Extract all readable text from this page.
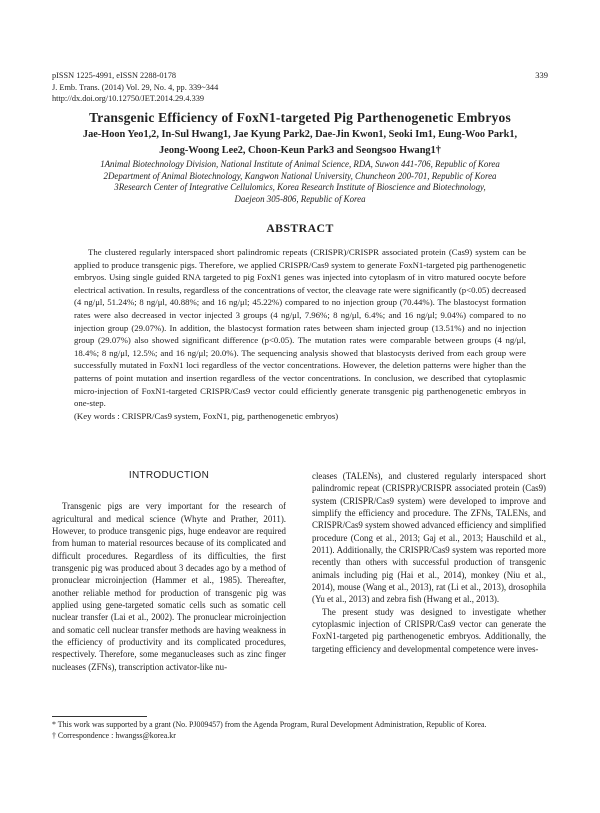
pISSN 1225-4991, eISSN 2288-0178
J. Emb. Trans. (2014) Vol. 29, No. 4, pp. 339~344
http://dx.doi.org/10.12750/JET.2014.29.4.339
339
Transgenic Efficiency of FoxN1-targeted Pig Parthenogenetic Embryos
Jae-Hoon Yeo1,2, In-Sul Hwang1, Jae Kyung Park2, Dae-Jin Kwon1, Seoki Im1, Eung-Woo Park1,
Jeong-Woong Lee2, Choon-Keun Park3 and Seongsoo Hwang1†
1Animal Biotechnology Division, National Institute of Animal Science, RDA, Suwon 441-706, Republic of Korea
2Department of Animal Biotechnology, Kangwon National University, Chuncheon 200-701, Republic of Korea
3Research Center of Integrative Cellulomics, Korea Research Institute of Bioscience and Biotechnology,
Daejeon 305-806, Republic of Korea
ABSTRACT

The clustered regularly interspaced short palindromic repeats (CRISPR)/CRISPR associated protein (Cas9) system can be applied to produce transgenic pigs. Therefore, we applied CRISPR/Cas9 system to generate FoxN1-targeted pig parthenogenetic embryos. Using single guided RNA targeted to pig FoxN1 genes was injected into cytoplasm of in vitro matured oocyte before electrical activation. In results, regardless of the concentrations of vector, the cleavage rate were significantly (p<0.05) decreased (4 ng/μl, 51.24%; 8 ng/μl, 40.88%; and 16 ng/μl; 45.22%) compared to no injection group (70.44%). The blastocyst formation rates were also decreased in vector injected 3 groups (4 ng/μl, 7.96%; 8 ng/μl, 6.4%; and 16 ng/μl; 9.04%) compared to no injection group (29.07%). In addition, the blastocyst formation rates between sham injected group (13.51%) and no injection group (29.07%) also showed significant difference (p<0.05). The mutation rates were comparable between groups (4 ng/μl, 18.4%; 8 ng/μl, 12.5%; and 16 ng/μl; 20.0%). The sequencing analysis showed that blastocysts derived from each group were successfully mutated in FoxN1 loci regardless of the vector concentrations. However, the deletion patterns were higher than the patterns of point mutation and insertion regardless of the vector concentrations. In conclusion, we described that cytoplasmic micro-injection of FoxN1-targeted CRISPR/Cas9 vector could efficiently generate transgenic pig parthenogenetic embryos in one-step.

(Key words : CRISPR/Cas9 system, FoxN1, pig, parthenogenetic embryos)

INTRODUCTION

Transgenic pigs are very important for the research of agricultural and medical science (Whyte and Prather, 2011). However, to produce transgenic pigs, huge endeavor are required from human to material resources because of its complicated and difficult procedures. Regardless of its difficulties, the first transgenic pig was produced about 3 decades ago by a method of pronuclear microinjection (Hammer et al., 1985). Thereafter, another reliable method for production of transgenic pig was applied using gene-targeted somatic cells such as somatic cell nuclear transfer (Lai et al., 2002). The pronuclear microinjection and somatic cell nuclear transfer methods are having weakness in the efficiency of productivity and its complicated procedures, respectively. Therefore, some meganucleases such as zinc finger nucleases (ZFNs), transcription activator-like nu-

cleases (TALENs), and clustered regularly interspaced short palindromic repeat (CRISPR)/CRISPR associated protein (Cas9) system (CRISPR/Cas9 system) were developed to improve and simplify the efficiency and procedure. The ZFNs, TALENs, and CRISPR/Cas9 system showed advanced efficiency and simplified procedure (Cong et al., 2013; Gaj et al., 2013; Hauschild et al., 2011). Additionally, the CRISPR/Cas9 system was reported more recently than others with successful production of transgenic animals including pig (Hai et al., 2014), monkey (Niu et al., 2014), mouse (Wang et al., 2013), rat (Li et al., 2013), drosophila (Yu et al., 2013) and zebra fish (Hwang et al., 2013).

The present study was designed to investigate whether cytoplasmic injection of CRISPR/Cas9 vector can generate the FoxN1-targeted pig parthenogenetic embryos. Additionally, the targeting efficiency and developmental competence were inves-

* This work was supported by a grant (No. PJ009457) from the Agenda Program, Rural Development Administration, Republic of Korea.
† Correspondence : hwangss@korea.kr
